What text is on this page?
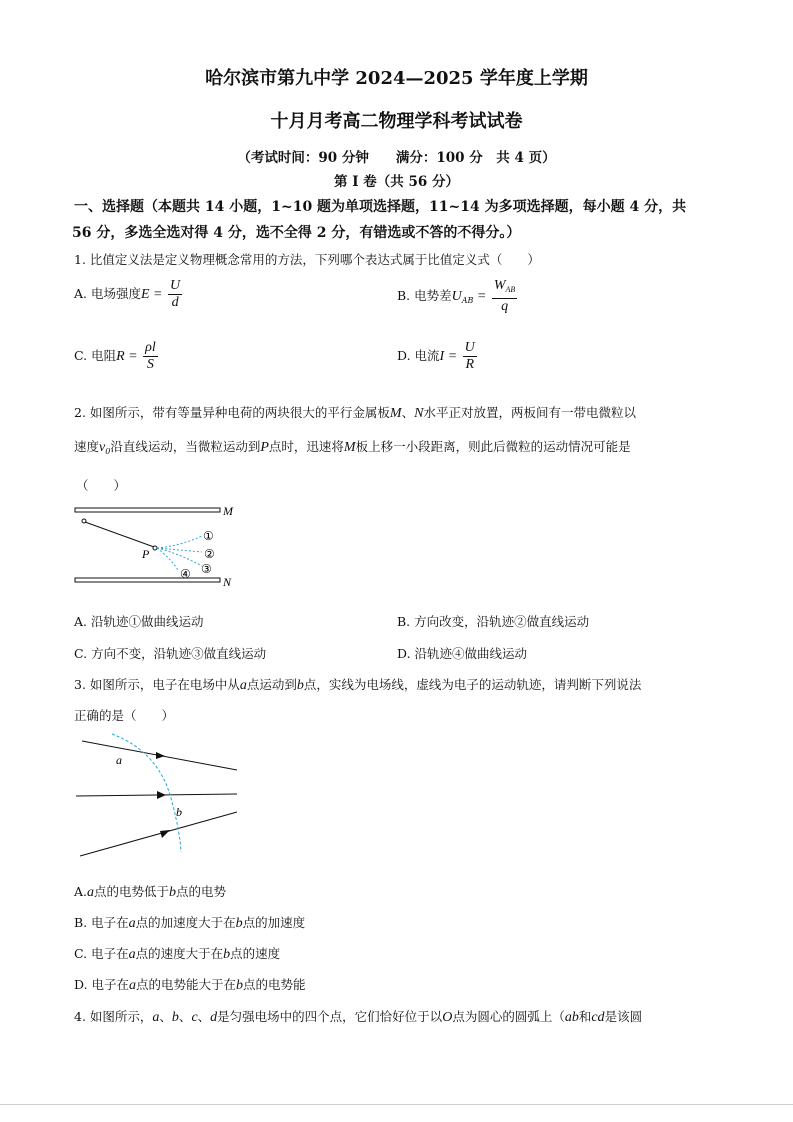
哈尔滨市第九中学 2024—2025 学年度上学期
十月月考高二物理学科考试试卷
（考试时间：90 分钟　　满分：100 分　共 4 页）
第 Ⅰ 卷（共 56 分）
一、选择题（本题共 14 小题，1~10 题为单项选择题，11~14 为多项选择题，每小题 4 分，共
56 分，多选全选对得 4 分，选不全得 2 分，有错选或不答的不得分。）
1. 比值定义法是定义物理概念常用的方法，下列哪个表达式属于比值定义式（　　）
A. 电场强度$E = \frac{U}{d}$	B. 电势差$U_{AB} = \frac{W_{AB}}{q}$
C. 电阻$R = \frac{\rho l}{S}$	D. 电流$I = \frac{U}{R}$
2. 如图所示，带有等量异种电荷的两块很大的平行金属板M、N水平正对放置，两板间有一带电微粒以
速度$v_0$沿直线运动，当微粒运动到P点时，迅速将M板上移一小段距离，则此后微粒的运动情况可能是
（　　）
M
N
P
①
②
③
④
A. 沿轨迹①做曲线运动	B. 方向改变，沿轨迹②做直线运动
C. 方向不变，沿轨迹③做直线运动	D. 沿轨迹④做曲线运动
3. 如图所示，电子在电场中从a点运动到b点，实线为电场线，虚线为电子的运动轨迹，请判断下列说法
正确的是（　　）
a
b
A.a点的电势低于b点的电势
B. 电子在a点的加速度大于在b点的加速度
C. 电子在a点的速度大于在b点的速度
D. 电子在a点的电势能大于在b点的电势能
4. 如图所示，a、b、c、d是匀强电场中的四个点，它们恰好位于以O点为圆心的圆弧上（ab和cd是该圆
